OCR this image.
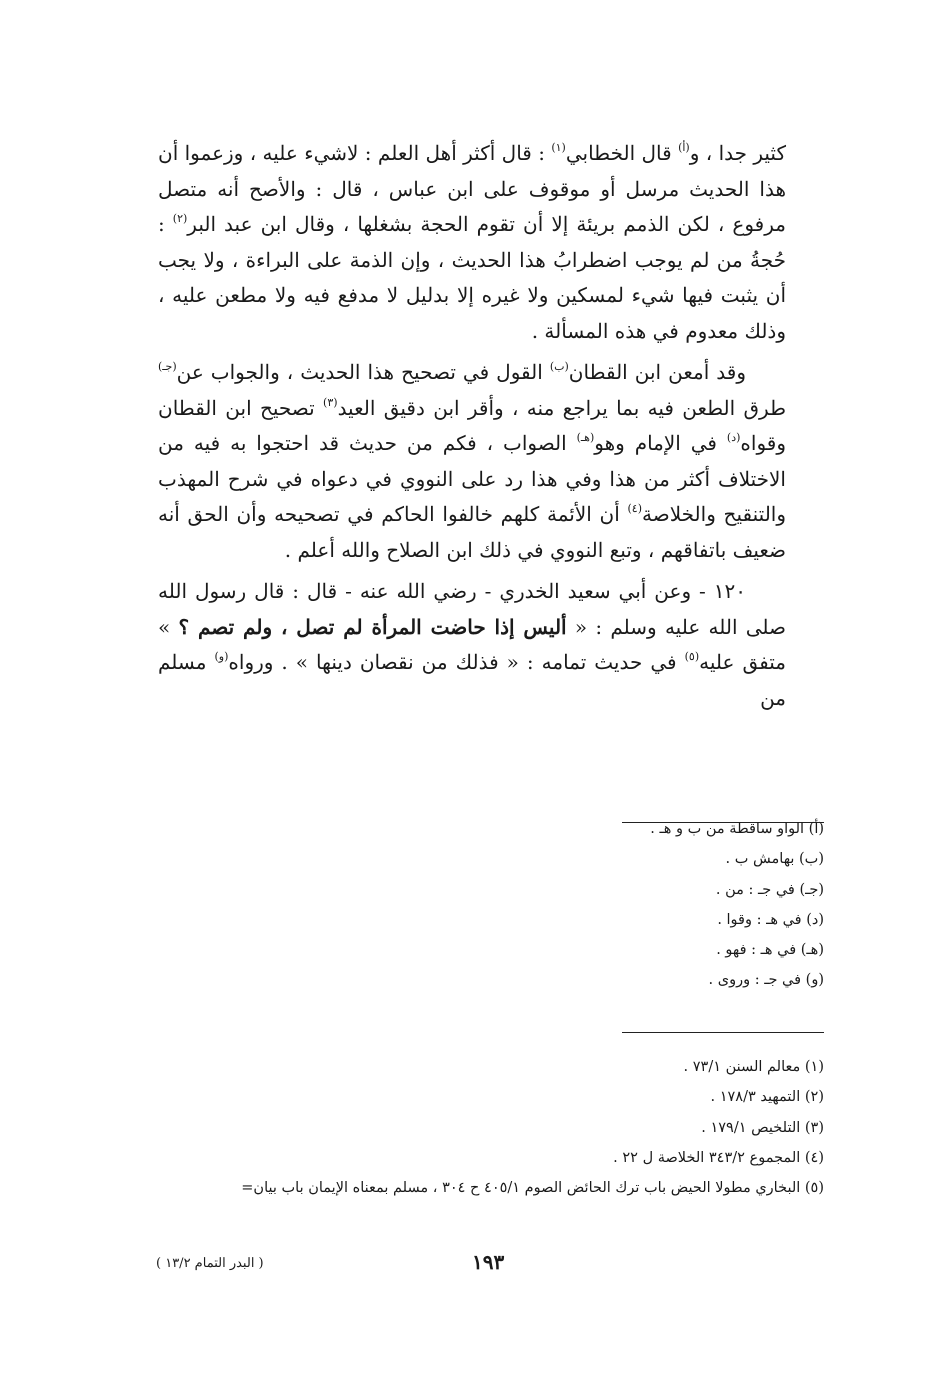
كثير جدا ، و$^{(أ)}$ قال الخطابي$^{(١)}$ : قال أكثر أهل العلم : لاشيء عليه ، وزعموا أن هذا الحديث مرسل أو موقوف على ابن عباس ، قال : والأصح أنه متصل مرفوع ، لكن الذمم بريئة إلا أن تقوم الحجة بشغلها ، وقال ابن عبد البر$^{(٢)}$ : حُجةُ من لم يوجب اضطرابُ هذا الحديث ، وإن الذمة على البراءة ، ولا يجب أن يثبت فيها شيء لمسكين ولا غيره إلا بدليل لا مدفع فيه ولا مطعن عليه ، وذلك معدوم في هذه المسألة .

وقد أمعن ابن القطان$^{(ب)}$ القول في تصحيح هذا الحديث ، والجواب عن$^{(جـ)}$ طرق الطعن فيه بما يراجع منه ، وأقر ابن دقيق العيد$^{(٣)}$ تصحيح ابن القطان وقواه$^{(د)}$ في الإمام وهو$^{(هـ)}$ الصواب ، فكم من حديث قد احتجوا به فيه من الاختلاف أكثر من هذا وفي هذا رد على النووي في دعواه في شرح المهذب والتنقيح والخلاصة$^{(٤)}$ أن الأئمة كلهم خالفوا الحاكم في تصحيحه وأن الحق أنه ضعيف باتفاقهم ، وتبع النووي في ذلك ابن الصلاح والله أعلم .

١٢٠ - وعن أبي سعيد الخدري - رضي الله عنه - قال : قال رسول الله صلى الله عليه وسلم : « أليس إذا حاضت المرأة لم تصل ، ولم تصم ؟ » متفق عليه$^{(٥)}$ في حديث تمامه : « فذلك من نقصان دينها » . ورواه$^{(و)}$ مسلم من

(أ) الواو ساقطة من ب و هـ .
(ب) بهامش ب .
(جـ) في جـ : من .
(د) في هـ : وقوا .
(هـ) في هـ : فهو .
(و) في جـ : وروى .
(١) معالم السنن ٧٣/١ .
(٢) التمهيد ١٧٨/٣ .
(٣) التلخيص ١٧٩/١ .
(٤) المجموع ٣٤٣/٢ الخلاصة ل ٢٢ .
(٥) البخاري مطولا الحيض باب ترك الحائض الصوم ٤٠٥/١ ح ٣٠٤ ، مسلم بمعناه الإيمان باب بيان=
( البدر التمام ١٣/٢ )	١٩٣
